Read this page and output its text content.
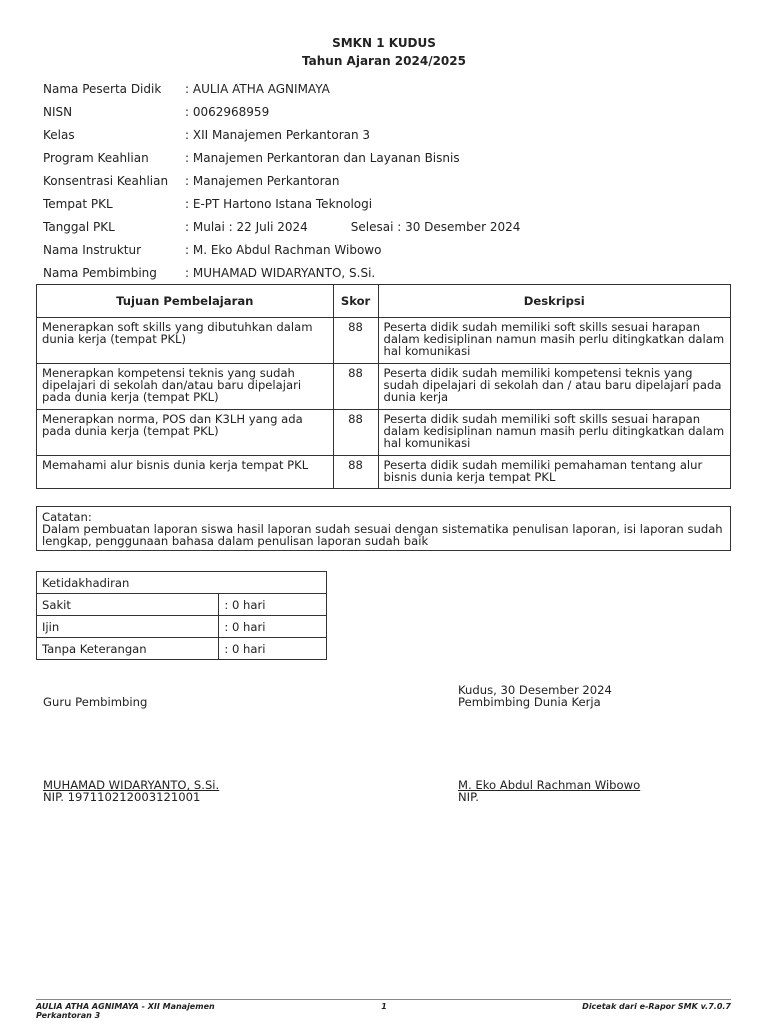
SMKN 1 KUDUS
Tahun Ajaran 2024/2025
Nama Peserta Didik	: AULIA ATHA AGNIMAYA
NISN	: 0062968959
Kelas	: XII Manajemen Perkantoran 3
Program Keahlian	: Manajemen Perkantoran dan Layanan Bisnis
Konsentrasi Keahlian	: Manajemen Perkantoran
Tempat PKL	: E-PT Hartono Istana Teknologi
Tanggal PKL	: Mulai : 22 Juli 2024	Selesai : 30 Desember 2024
Nama Instruktur	: M. Eko Abdul Rachman Wibowo
Nama Pembimbing	: MUHAMAD WIDARYANTO, S.Si.
Tujuan Pembelajaran	Skor	Deskripsi
Menerapkan soft skills yang dibutuhkan dalam dunia kerja (tempat PKL)	88	Peserta didik sudah memiliki soft skills sesuai harapan dalam kedisiplinan namun masih perlu ditingkatkan dalam hal komunikasi
Menerapkan kompetensi teknis yang sudah dipelajari di sekolah dan/atau baru dipelajari pada dunia kerja (tempat PKL)	88	Peserta didik sudah memiliki kompetensi teknis yang sudah dipelajari di sekolah dan / atau baru dipelajari pada dunia kerja
Menerapkan norma, POS dan K3LH yang ada pada dunia kerja (tempat PKL)	88	Peserta didik sudah memiliki soft skills sesuai harapan dalam kedisiplinan namun masih perlu ditingkatkan dalam hal komunikasi
Memahami alur bisnis dunia kerja tempat PKL	88	Peserta didik sudah memiliki pemahaman tentang alur bisnis dunia kerja tempat PKL
Catatan:
Dalam pembuatan laporan siswa hasil laporan sudah sesuai dengan sistematika penulisan laporan, isi laporan sudah lengkap, penggunaan bahasa dalam penulisan laporan sudah baik
Ketidakhadiran	
Sakit	: 0 hari
Ijin	: 0 hari
Tanpa Keterangan	: 0 hari
Guru Pembimbing
MUHAMAD WIDARYANTO, S.Si.
NIP. 197110212003121001
Kudus, 30 Desember 2024
Pembimbing Dunia Kerja
M. Eko Abdul Rachman Wibowo
NIP.
AULIA ATHA AGNIMAYA - XII Manajemen
Perkantoran 3
1	Dicetak dari e-Rapor SMK v.7.0.7
